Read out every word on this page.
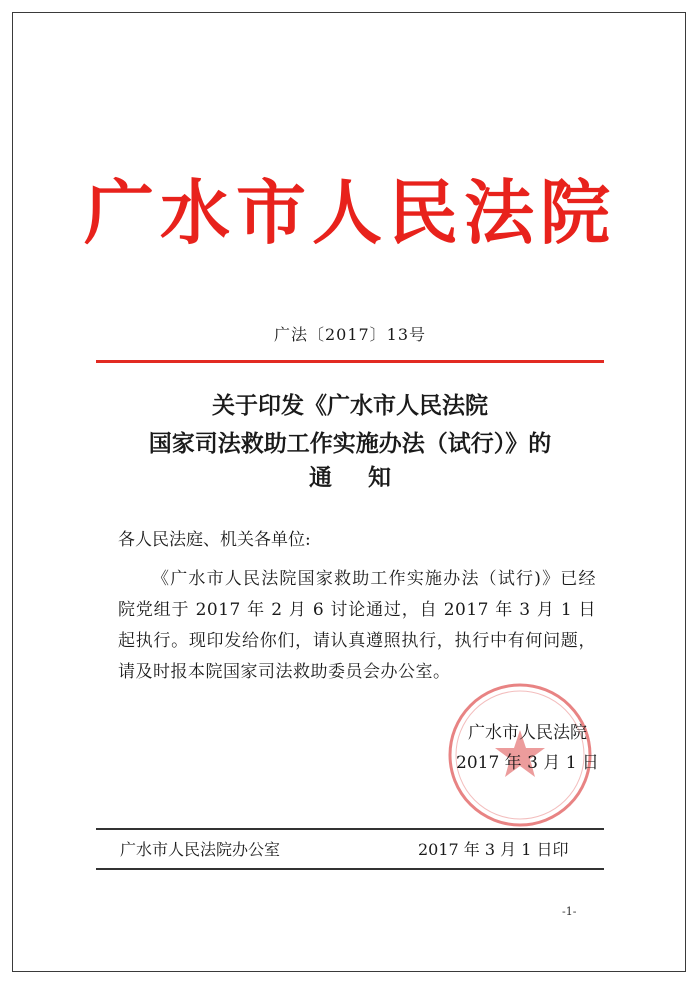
广水市人民法院
广法〔2017〕13号
关于印发《广水市人民法院
国家司法救助工作实施办法（试行）》的
通知
各人民法庭、机关各单位:
《广水市人民法院国家救助工作实施办法（试行)》已经院党组于 2017 年 2 月 6 讨论通过，自 2017 年 3 月 1 日起执行。现印发给你们，请认真遵照执行，执行中有何问题，请及时报本院国家司法救助委员会办公室。
广水市人民法院
2017 年 3 月 1 日
广水市人民法院办公室	2017 年 3 月 1 日印
-1-
